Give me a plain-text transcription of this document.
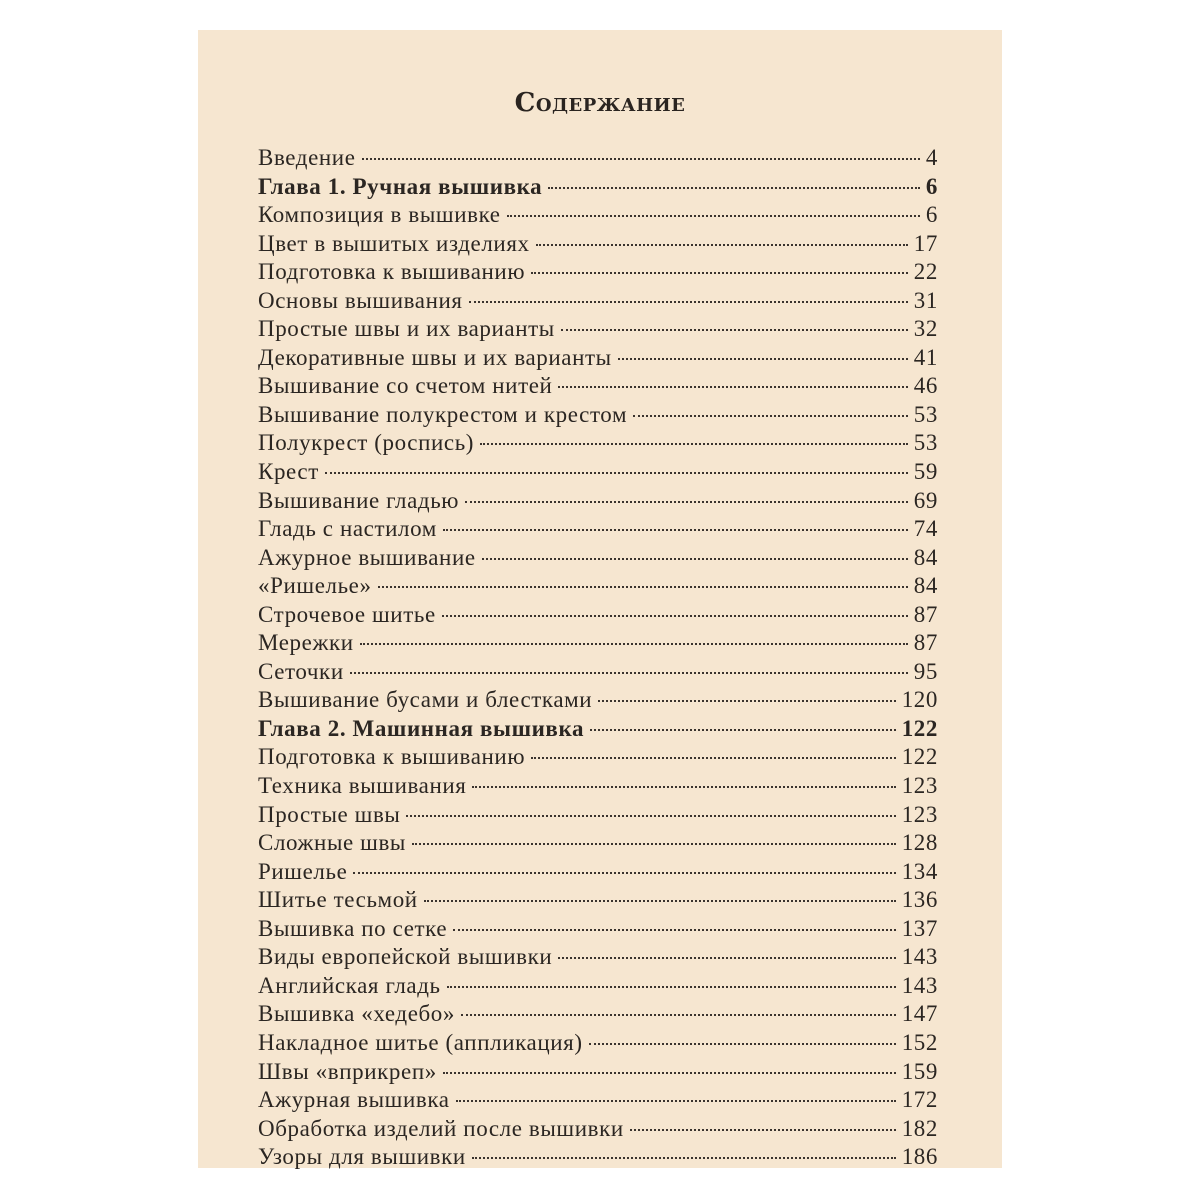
Содержание
Введение	4
Глава 1. Ручная вышивка	6
Композиция в вышивке	6
Цвет в вышитых изделиях	17
Подготовка к вышиванию	22
Основы вышивания	31
Простые швы и их варианты	32
Декоративные швы и их варианты	41
Вышивание со счетом нитей	46
Вышивание полукрестом и крестом	53
Полукрест (роспись)	53
Крест	59
Вышивание гладью	69
Гладь с настилом	74
Ажурное вышивание	84
«Ришелье»	84
Строчевое шитье	87
Мережки	87
Сеточки	95
Вышивание бусами и блестками	120
Глава 2. Машинная вышивка	122
Подготовка к вышиванию	122
Техника вышивания	123
Простые швы	123
Сложные швы	128
Ришелье	134
Шитье тесьмой	136
Вышивка по сетке	137
Виды европейской вышивки	143
Английская гладь	143
Вышивка «хедебо»	147
Накладное шитье (аппликация)	152
Швы «вприкреп»	159
Ажурная вышивка	172
Обработка изделий после вышивки	182
Узоры для вышивки	186
